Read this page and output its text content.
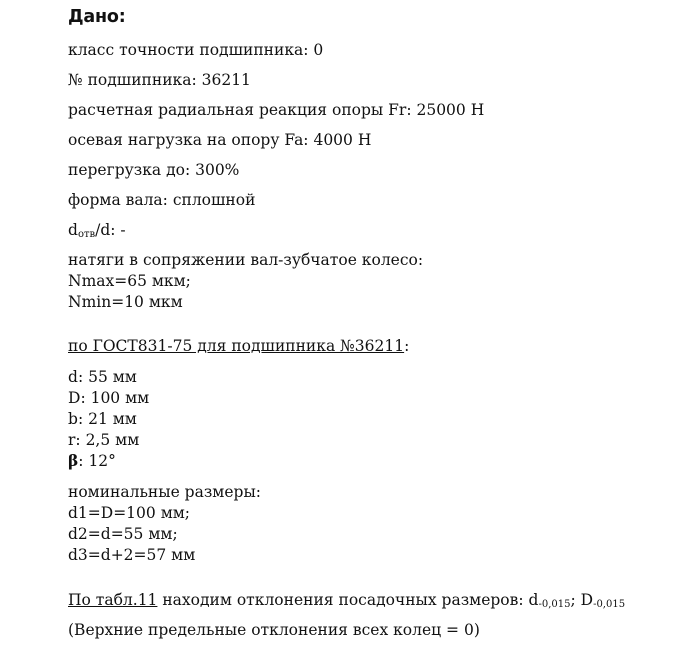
Дано:
класс точности подшипника: 0
№ подшипника: 36211
расчетная радиальная реакция опоры Fr: 25000 Н
осевая нагрузка на опору Fa: 4000 Н
перегрузка до: 300%
форма вала: сплошной
$d_{отв}/d$: -
натяги в сопряжении вал-зубчатое колесо:
Nmax=65 мкм;
Nmin=10 мкм
по ГОСТ831-75 для подшипника №36211:
d: 55 мм
D: 100 мм
b: 21 мм
r: 2,5 мм
β: 12°
номинальные размеры:
d1=D=100 мм;
d2=d=55 мм;
d3=d+2=57 мм
По табл.11 находим отклонения посадочных размеров: $d_{-0,015}$; $D_{-0,015}$
(Верхние предельные отклонения всех колец = 0)
